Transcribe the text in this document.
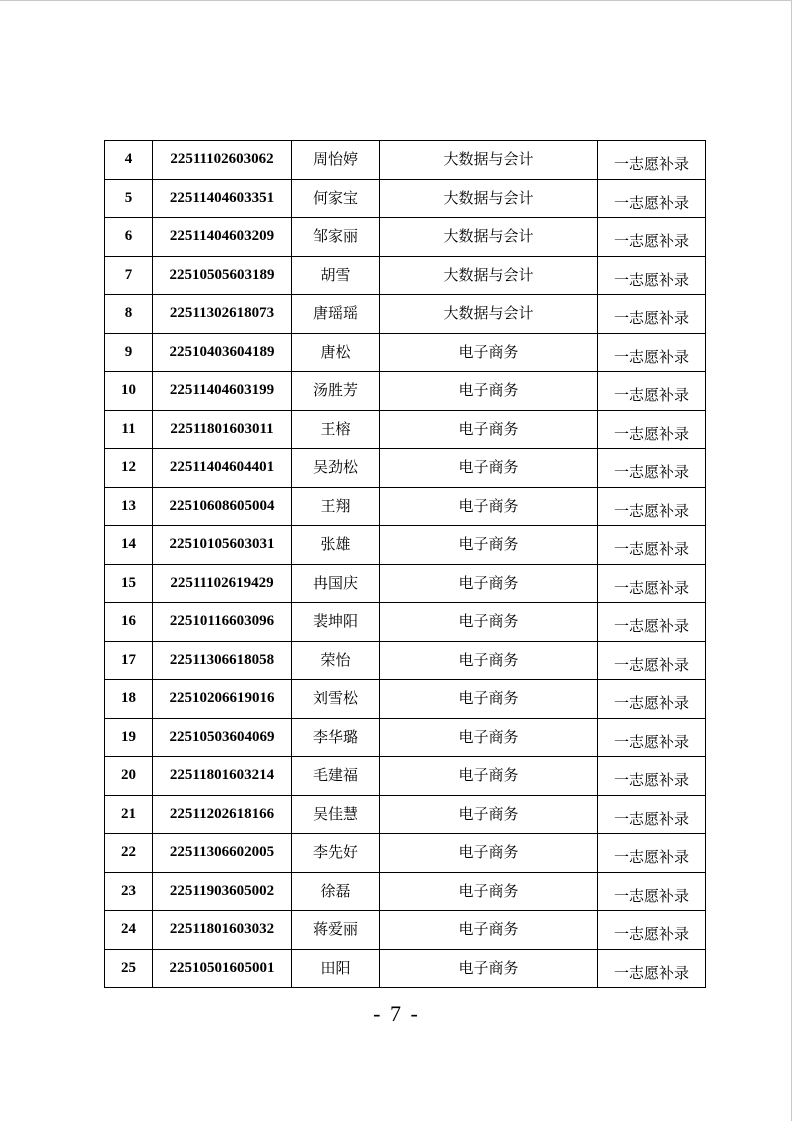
4	22511102603062	周怡婷	大数据与会计	一志愿补录
5	22511404603351	何家宝	大数据与会计	一志愿补录
6	22511404603209	邹家丽	大数据与会计	一志愿补录
7	22510505603189	胡雪	大数据与会计	一志愿补录
8	22511302618073	唐瑶瑶	大数据与会计	一志愿补录
9	22510403604189	唐松	电子商务	一志愿补录
10	22511404603199	汤胜芳	电子商务	一志愿补录
11	22511801603011	王榕	电子商务	一志愿补录
12	22511404604401	吴劲松	电子商务	一志愿补录
13	22510608605004	王翔	电子商务	一志愿补录
14	22510105603031	张雄	电子商务	一志愿补录
15	22511102619429	冉国庆	电子商务	一志愿补录
16	22510116603096	裴坤阳	电子商务	一志愿补录
17	22511306618058	荣怡	电子商务	一志愿补录
18	22510206619016	刘雪松	电子商务	一志愿补录
19	22510503604069	李华璐	电子商务	一志愿补录
20	22511801603214	毛建福	电子商务	一志愿补录
21	22511202618166	吴佳慧	电子商务	一志愿补录
22	22511306602005	李先好	电子商务	一志愿补录
23	22511903605002	徐磊	电子商务	一志愿补录
24	22511801603032	蒋爱丽	电子商务	一志愿补录
25	22510501605001	田阳	电子商务	一志愿补录
- 7 -
